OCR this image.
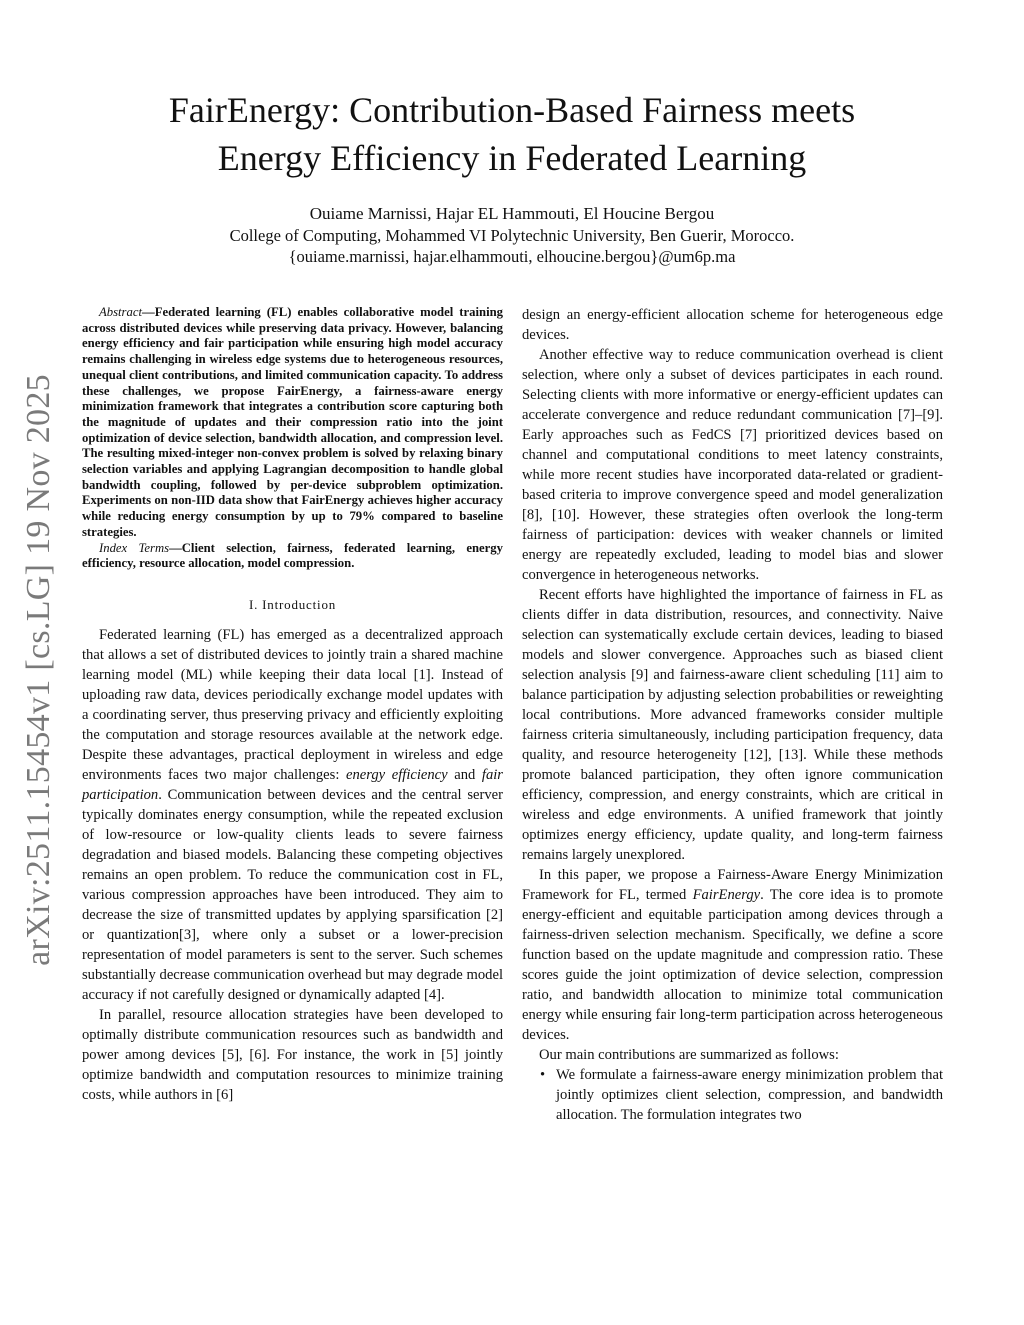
arXiv:2511.15454v1 [cs.LG] 19 Nov 2025
FairEnergy: Contribution-Based Fairness meets
Energy Efficiency in Federated Learning
Ouiame Marnissi, Hajar EL Hammouti, El Houcine Bergou
College of Computing, Mohammed VI Polytechnic University, Ben Guerir, Morocco.
{ouiame.marnissi, hajar.elhammouti, elhoucine.bergou}@um6p.ma

Abstract—Federated learning (FL) enables collaborative model training across distributed devices while preserving data privacy. However, balancing energy efficiency and fair participation while ensuring high model accuracy remains challenging in wireless edge systems due to heterogeneous resources, unequal client contributions, and limited communication capacity. To address these challenges, we propose FairEnergy, a fairness-aware energy minimization framework that integrates a contribution score capturing both the magnitude of updates and their compression ratio into the joint optimization of device selection, bandwidth allocation, and compression level. The resulting mixed-integer non-convex problem is solved by relaxing binary selection variables and applying Lagrangian decomposition to handle global bandwidth coupling, followed by per-device subproblem optimization. Experiments on non-IID data show that FairEnergy achieves higher accuracy while reducing energy consumption by up to 79% compared to baseline strategies.

Index Terms—Client selection, fairness, federated learning, energy efficiency, resource allocation, model compression.

I. Introduction

Federated learning (FL) has emerged as a decentralized approach that allows a set of distributed devices to jointly train a shared machine learning model (ML) while keeping their data local [1]. Instead of uploading raw data, devices periodically exchange model updates with a coordinating server, thus preserving privacy and efficiently exploiting the computation and storage resources available at the network edge. Despite these advantages, practical deployment in wireless and edge environments faces two major challenges: energy efficiency and fair participation. Communication between devices and the central server typically dominates energy consumption, while the repeated exclusion of low-resource or low-quality clients leads to severe fairness degradation and biased models. Balancing these competing objectives remains an open problem. To reduce the communication cost in FL, various compression approaches have been introduced. They aim to decrease the size of transmitted updates by applying sparsification [2] or quantization[3], where only a subset or a lower-precision representation of model parameters is sent to the server. Such schemes substantially decrease communication overhead but may degrade model accuracy if not carefully designed or dynamically adapted [4].

In parallel, resource allocation strategies have been developed to optimally distribute communication resources such as bandwidth and power among devices [5], [6]. For instance, the work in [5] jointly optimize bandwidth and computation resources to minimize training costs, while authors in [6]

design an energy-efficient allocation scheme for heterogeneous edge devices.

Another effective way to reduce communication overhead is client selection, where only a subset of devices participates in each round. Selecting clients with more informative or energy-efficient updates can accelerate convergence and reduce redundant communication [7]–[9]. Early approaches such as FedCS [7] prioritized devices based on channel and computational conditions to meet latency constraints, while more recent studies have incorporated data-related or gradient-based criteria to improve convergence speed and model generalization [8], [10]. However, these strategies often overlook the long-term fairness of participation: devices with weaker channels or limited energy are repeatedly excluded, leading to model bias and slower convergence in heterogeneous networks.

Recent efforts have highlighted the importance of fairness in FL as clients differ in data distribution, resources, and connectivity. Naive selection can systematically exclude certain devices, leading to biased models and slower convergence. Approaches such as biased client selection analysis [9] and fairness-aware client scheduling [11] aim to balance participation by adjusting selection probabilities or reweighting local contributions. More advanced frameworks consider multiple fairness criteria simultaneously, including participation frequency, data quality, and resource heterogeneity [12], [13]. While these methods promote balanced participation, they often ignore communication efficiency, compression, and energy constraints, which are critical in wireless and edge environments. A unified framework that jointly optimizes energy efficiency, update quality, and long-term fairness remains largely unexplored.

In this paper, we propose a Fairness-Aware Energy Minimization Framework for FL, termed FairEnergy. The core idea is to promote energy-efficient and equitable participation among devices through a fairness-driven selection mechanism. Specifically, we define a score function based on the update magnitude and compression ratio. These scores guide the joint optimization of device selection, compression ratio, and bandwidth allocation to minimize total communication energy while ensuring fair long-term participation across heterogeneous devices.

Our main contributions are summarized as follows:

• We formulate a fairness-aware energy minimization problem that jointly optimizes client selection, compression, and bandwidth allocation. The formulation integrates two
